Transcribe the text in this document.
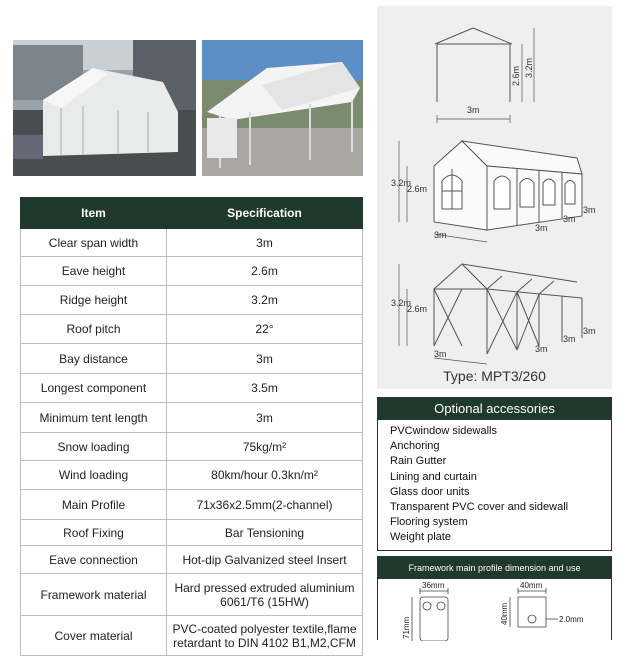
Item	Specification
Clear span width	3m
Eave height	2.6m
Ridge height	3.2m
Roof pitch	22°
Bay distance	3m
Longest component	3.5m
Minimum tent length	3m
Snow loading	75kg/m²
Wind loading	80km/hour 0.3kn/m²
Main Profile	71x36x2.5mm(2-channel)
Roof Fixing	Bar Tensioning
Eave connection	Hot-dip Galvanized steel Insert
Framework material	Hard pressed extruded aluminium 6061/T6 (15HW)
Cover material	PVC-coated polyester textile,flame retardant to DIN 4102 B1,M2,CFM
3m
2.6m 3.2m
3.2m
2.6m
3m
3m
3m
3m
3.2m
2.6m
3m	3m
3m
3m
Type: MPT3/260
Optional accessories
PVCwindow sidewalls
Anchoring
Rain Gutter
Lining and curtain
Glass door units
Transparent PVC cover and sidewall
Flooring system
Weight plate
Framework main profile dimension and use
36mm
71mm
40mm
40mm	2.0mm
